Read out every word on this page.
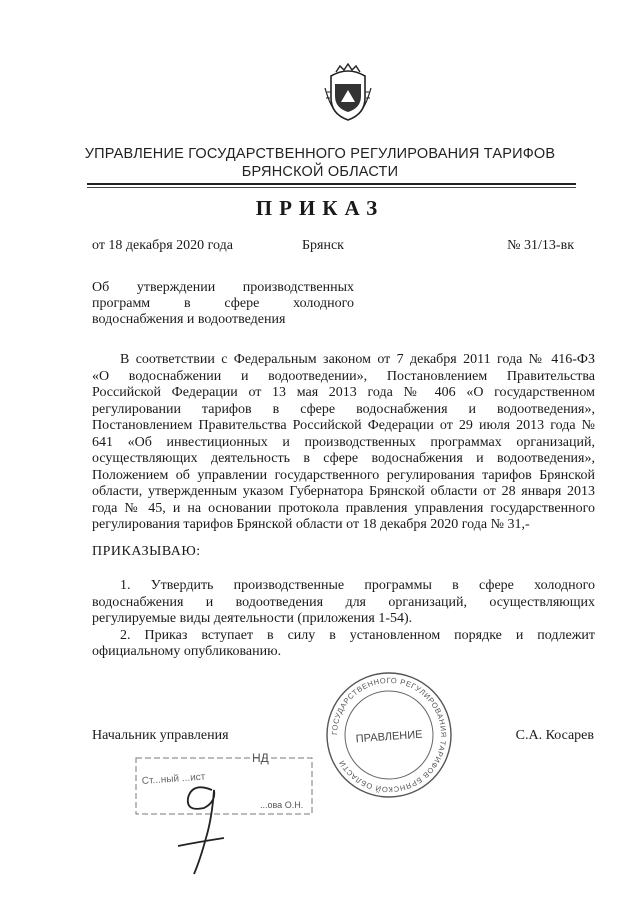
УПРАВЛЕНИЕ ГОСУДАРСТВЕННОГО РЕГУЛИРОВАНИЯ ТАРИФОВ
БРЯНСКОЙ ОБЛАСТИ
ПРИКАЗ
от 18 декабря 2020 года	Брянск	№ 31/13-вк
Об утверждении производственных
программ в сфере холодного
водоснабжения и водоотведения
В соответствии с Федеральным законом от 7 декабря 2011 года № 416-ФЗ
«О водоснабжении и водоотведении», Постановлением Правительства
Российской Федерации от 13 мая 2013 года № 406 «О государственном
регулировании тарифов в сфере водоснабжения и водоотведения»,
Постановлением Правительства Российской Федерации от 29 июля 2013 года №
641 «Об инвестиционных и производственных программах организаций,
осуществляющих деятельность в сфере водоснабжения и водоотведения»,
Положением об управлении государственного регулирования тарифов Брянской
области, утвержденным указом Губернатора Брянской области от 28 января 2013
года № 45, и на основании протокола правления управления государственного
регулирования тарифов Брянской области от 18 декабря 2020 года № 31,-
ПРИКАЗЫВАЮ:
1. Утвердить производственные программы в сфере холодного
водоснабжения и водоотведения для организаций, осуществляющих
регулируемые виды деятельности (приложения 1-54).
2. Приказ вступает в силу в установленном порядке и подлежит
официальному опубликованию.
Начальник управления	С.А. Косарев
НД
Ст...ный ...ист
...ова О.Н.
ГОСУДАРСТВЕННОГО РЕГУЛИРОВАНИЯ ТАРИФОВ БРЯНСКОЙ ОБЛАСТИ
ПРАВЛЕНИЕ
